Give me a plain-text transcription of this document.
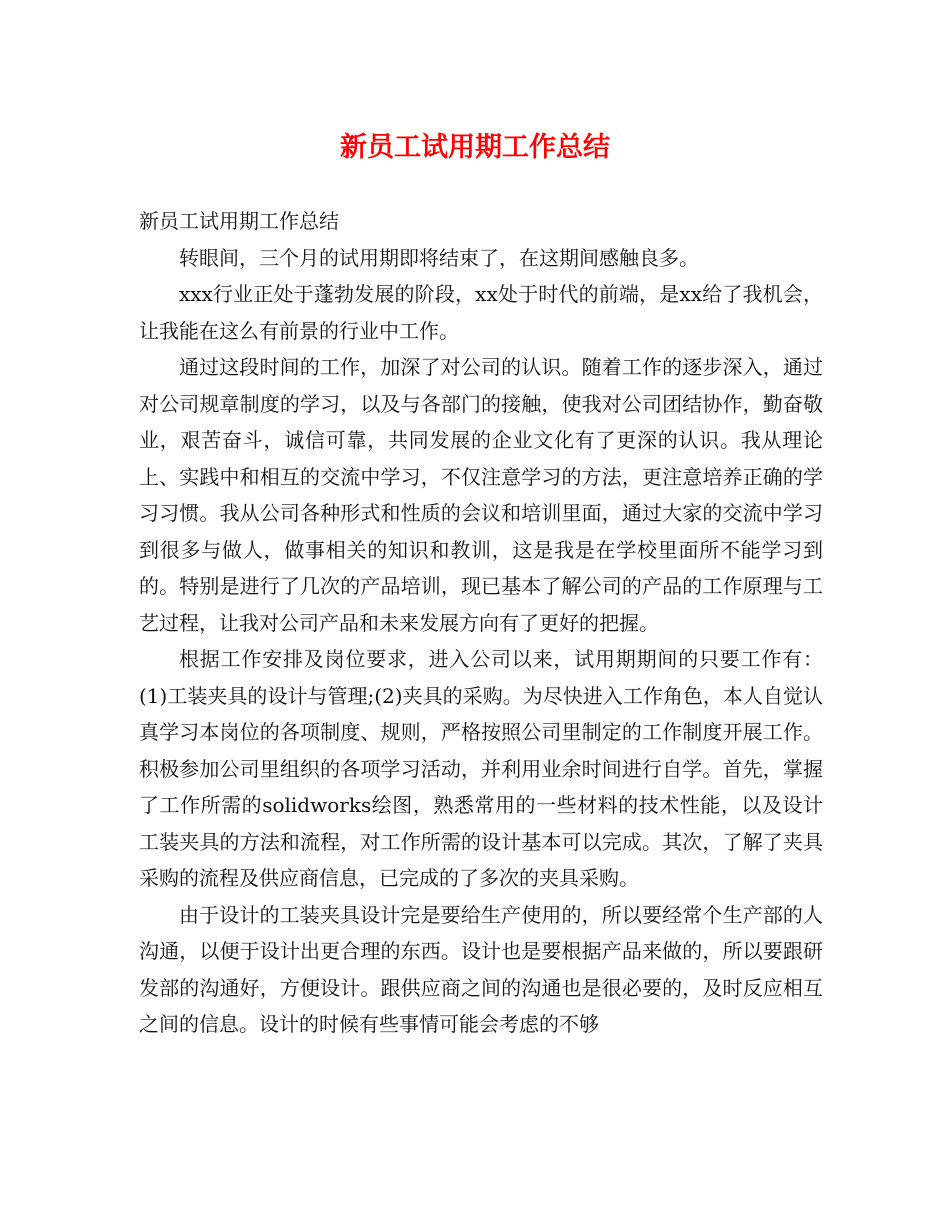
新员工试用期工作总结

新员工试用期工作总结

转眼间，三个月的试用期即将结束了，在这期间感触良多。

xxx行业正处于蓬勃发展的阶段，xx处于时代的前端，是xx给了我机会，让我能在这么有前景的行业中工作。

通过这段时间的工作，加深了对公司的认识。随着工作的逐步深入，通过对公司规章制度的学习，以及与各部门的接触，使我对公司团结协作，勤奋敬业，艰苦奋斗，诚信可靠，共同发展的企业文化有了更深的认识。我从理论上、实践中和相互的交流中学习，不仅注意学习的方法，更注意培养正确的学习习惯。我从公司各种形式和性质的会议和培训里面，通过大家的交流中学习到很多与做人，做事相关的知识和教训，这是我是在学校里面所不能学习到的。特别是进行了几次的产品培训，现已基本了解公司的产品的工作原理与工艺过程，让我对公司产品和未来发展方向有了更好的把握。

根据工作安排及岗位要求，进入公司以来，试用期期间的只要工作有：(1)工装夹具的设计与管理;(2)夹具的采购。为尽快进入工作角色，本人自觉认真学习本岗位的各项制度、规则，严格按照公司里制定的工作制度开展工作。积极参加公司里组织的各项学习活动，并利用业余时间进行自学。首先，掌握了工作所需的solidworks绘图，熟悉常用的一些材料的技术性能，以及设计工装夹具的方法和流程，对工作所需的设计基本可以完成。其次，了解了夹具采购的流程及供应商信息，已完成的了多次的夹具采购。

由于设计的工装夹具设计完是要给生产使用的，所以要经常个生产部的人沟通，以便于设计出更合理的东西。设计也是要根据产品来做的，所以要跟研发部的沟通好，方便设计。跟供应商之间的沟通也是很必要的，及时反应相互之间的信息。设计的时候有些事情可能会考虑的不够
